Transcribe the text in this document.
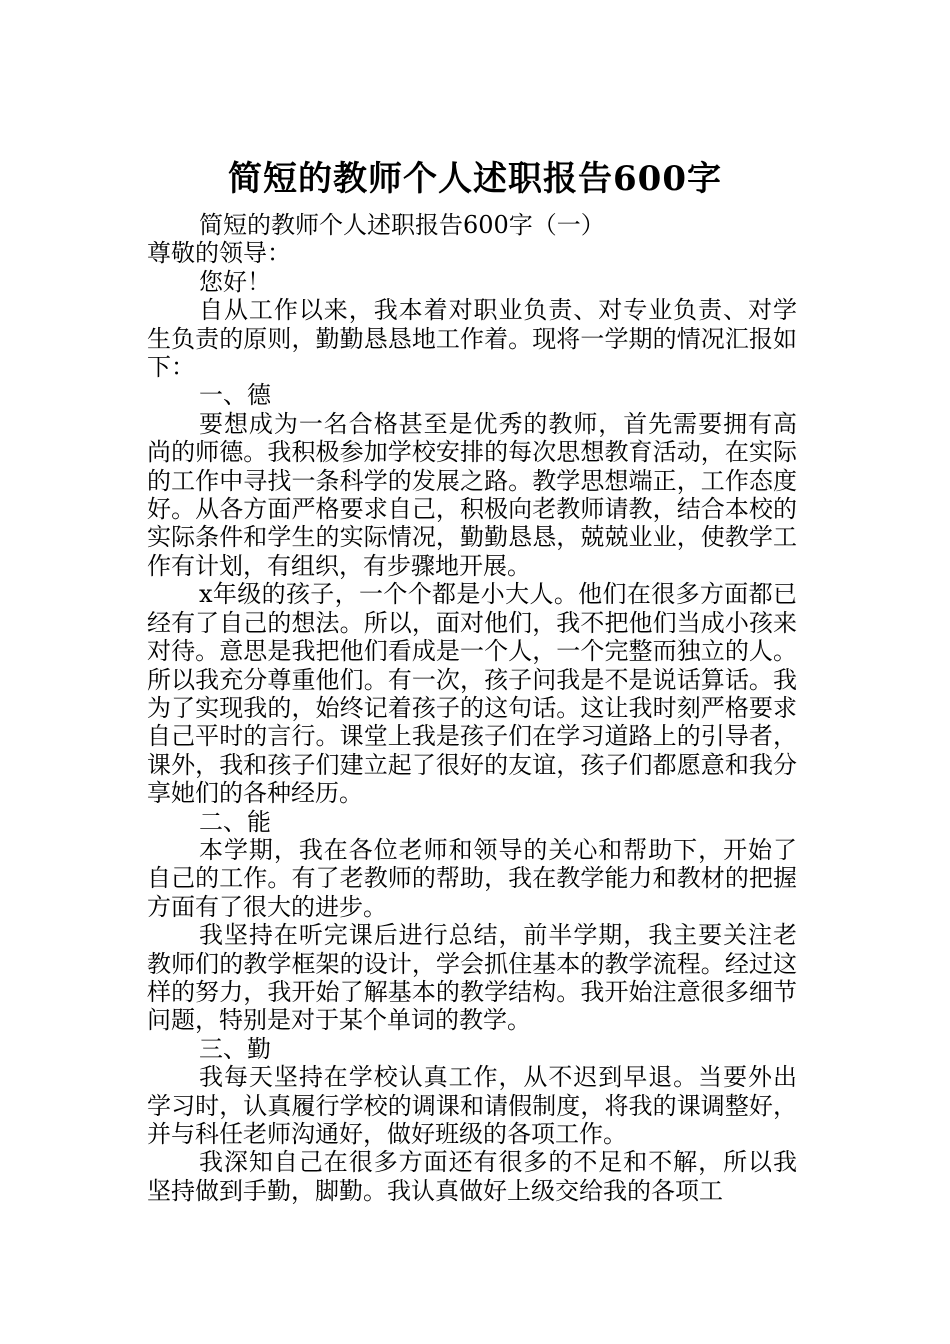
简短的教师个人述职报告600字

简短的教师个人述职报告600字（一）

尊敬的领导：

您好！

自从工作以来，我本着对职业负责、对专业负责、对学生负责的原则，勤勤恳恳地工作着。现将一学期的情况汇报如下：

一、德

要想成为一名合格甚至是优秀的教师，首先需要拥有高尚的师德。我积极参加学校安排的每次思想教育活动，在实际的工作中寻找一条科学的发展之路。教学思想端正，工作态度好。从各方面严格要求自己，积极向老教师请教，结合本校的实际条件和学生的实际情况，勤勤恳恳，兢兢业业，使教学工作有计划，有组织，有步骤地开展。

x年级的孩子，一个个都是小大人。他们在很多方面都已经有了自己的想法。所以，面对他们，我不把他们当成小孩来对待。意思是我把他们看成是一个人，一个完整而独立的人。所以我充分尊重他们。有一次，孩子问我是不是说话算话。我为了实现我的，始终记着孩子的这句话。这让我时刻严格要求自己平时的言行。课堂上我是孩子们在学习道路上的引导者，课外，我和孩子们建立起了很好的友谊，孩子们都愿意和我分享她们的各种经历。

二、能

本学期，我在各位老师和领导的关心和帮助下，开始了自己的工作。有了老教师的帮助，我在教学能力和教材的把握方面有了很大的进步。

我坚持在听完课后进行总结，前半学期，我主要关注老教师们的教学框架的设计，学会抓住基本的教学流程。经过这样的努力，我开始了解基本的教学结构。我开始注意很多细节问题，特别是对于某个单词的教学。

三、勤

我每天坚持在学校认真工作，从不迟到早退。当要外出学习时，认真履行学校的调课和请假制度，将我的课调整好，并与科任老师沟通好，做好班级的各项工作。

我深知自己在很多方面还有很多的不足和不解，所以我坚持做到手勤，脚勤。我认真做好上级交给我的各项工
